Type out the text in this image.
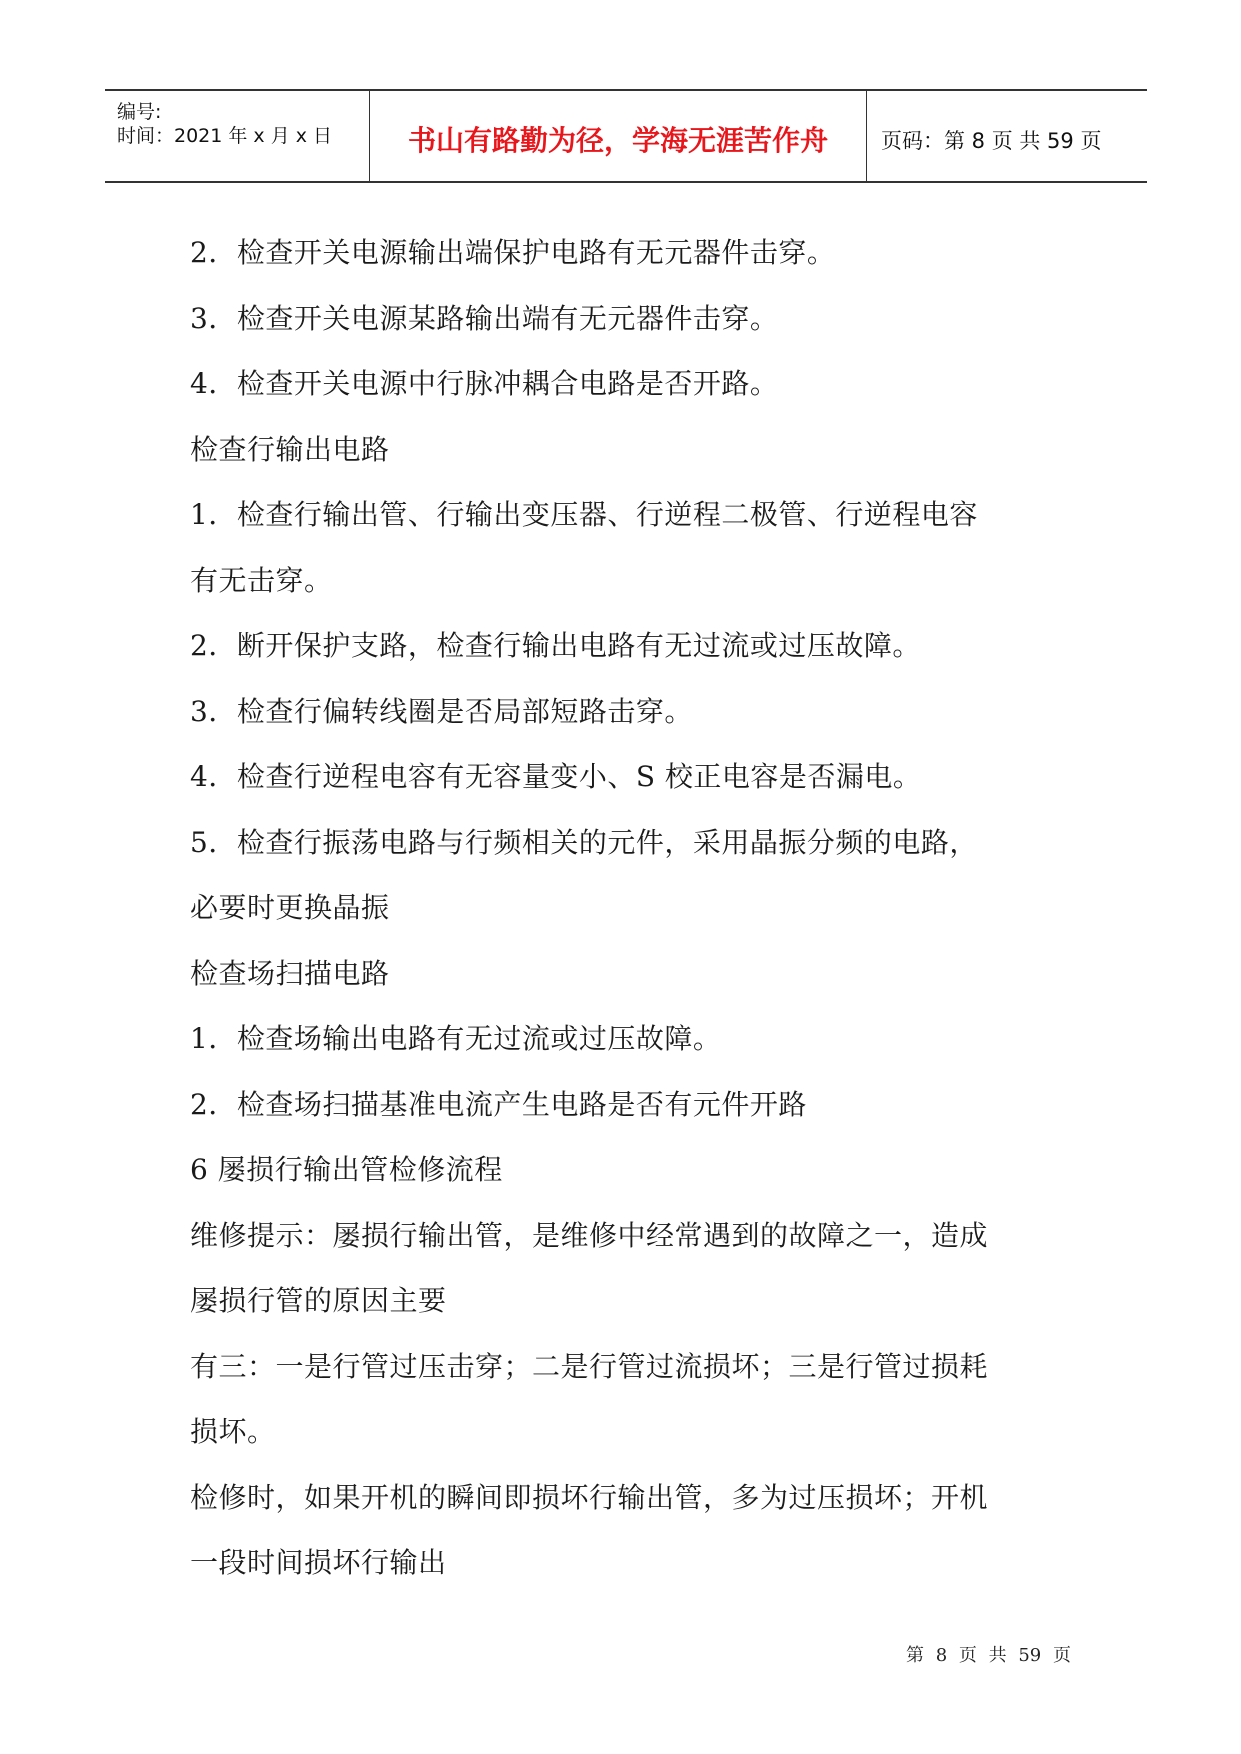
编号:
时间：2021 年 x 月 x 日	书山有路勤为径，学海无涯苦作舟	页码：第 8 页 共 59 页
2．检查开关电源输出端保护电路有无元器件击穿。
3．检查开关电源某路输出端有无元器件击穿。
4．检查开关电源中行脉冲耦合电路是否开路。
检查行输出电路
1．检查行输出管、行输出变压器、行逆程二极管、行逆程电容
有无击穿。
2．断开保护支路，检查行输出电路有无过流或过压故障。
3．检查行偏转线圈是否局部短路击穿。
4．检查行逆程电容有无容量变小、S 校正电容是否漏电。
5．检查行振荡电路与行频相关的元件，采用晶振分频的电路，
必要时更换晶振
检查场扫描电路
1．检查场输出电路有无过流或过压故障。
2．检查场扫描基准电流产生电路是否有元件开路
6 屡损行输出管检修流程
维修提示：屡损行输出管，是维修中经常遇到的故障之一，造成
屡损行管的原因主要
有三：一是行管过压击穿；二是行管过流损坏；三是行管过损耗
损坏。
检修时，如果开机的瞬间即损坏行输出管，多为过压损坏；开机
一段时间损坏行输出
第 8 页 共 59 页
